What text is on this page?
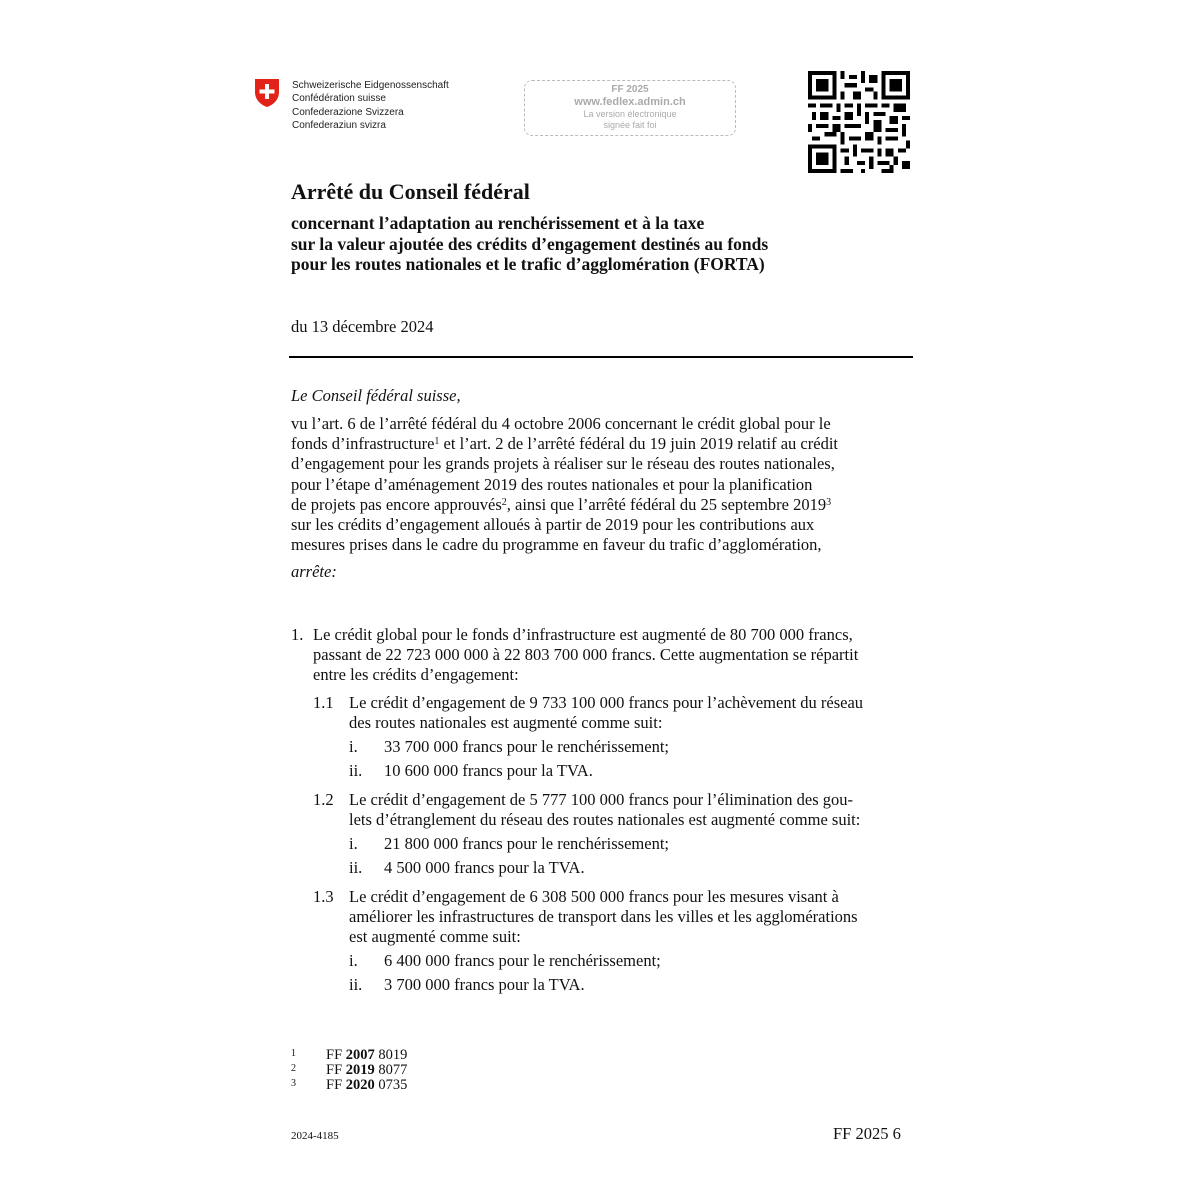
Schweizerische Eidgenossenschaft
Confédération suisse
Confederazione Svizzera
Confederaziun svizra
FF 2025
www.fedlex.admin.ch
La version électronique
signée fait foi
Arrêté du Conseil fédéral
concernant l’adaptation au renchérissement et à la taxe
sur la valeur ajoutée des crédits d’engagement destinés au fonds
pour les routes nationales et le trafic d’agglomération (FORTA)
du 13 décembre 2024
Le Conseil fédéral suisse,
vu l’art. 6 de l’arrêté fédéral du 4 octobre 2006 concernant le crédit global pour le
fonds d’infrastructure$^1$ et l’art. 2 de l’arrêté fédéral du 19 juin 2019 relatif au crédit
d’engagement pour les grands projets à réaliser sur le réseau des routes nationales,
pour l’étape d’aménagement 2019 des routes nationales et pour la planification
de projets pas encore approuvés$^2$, ainsi que l’arrêté fédéral du 25 septembre 2019$^3$
sur les crédits d’engagement alloués à partir de 2019 pour les contributions aux
mesures prises dans le cadre du programme en faveur du trafic d’agglomération,
arrête:
1. Le crédit global pour le fonds d’infrastructure est augmenté de 80 700 000 francs,
passant de 22 723 000 000 à 22 803 700 000 francs. Cette augmentation se répartit
entre les crédits d’engagement:
1.1 Le crédit d’engagement de 9 733 100 000 francs pour l’achèvement du réseau
des routes nationales est augmenté comme suit:
i. 33 700 000 francs pour le renchérissement;
ii. 10 600 000 francs pour la TVA.
1.2 Le crédit d’engagement de 5 777 100 000 francs pour l’élimination des gou-
lets d’étranglement du réseau des routes nationales est augmenté comme suit:
i. 21 800 000 francs pour le renchérissement;
ii. 4 500 000 francs pour la TVA.
1.3 Le crédit d’engagement de 6 308 500 000 francs pour les mesures visant à
améliorer les infrastructures de transport dans les villes et les agglomérations
est augmenté comme suit:
i. 6 400 000 francs pour le renchérissement;
ii. 3 700 000 francs pour la TVA.
1 FF 2007 8019
2 FF 2019 8077
3 FF 2020 0735
2024-4185	FF 2025 6
